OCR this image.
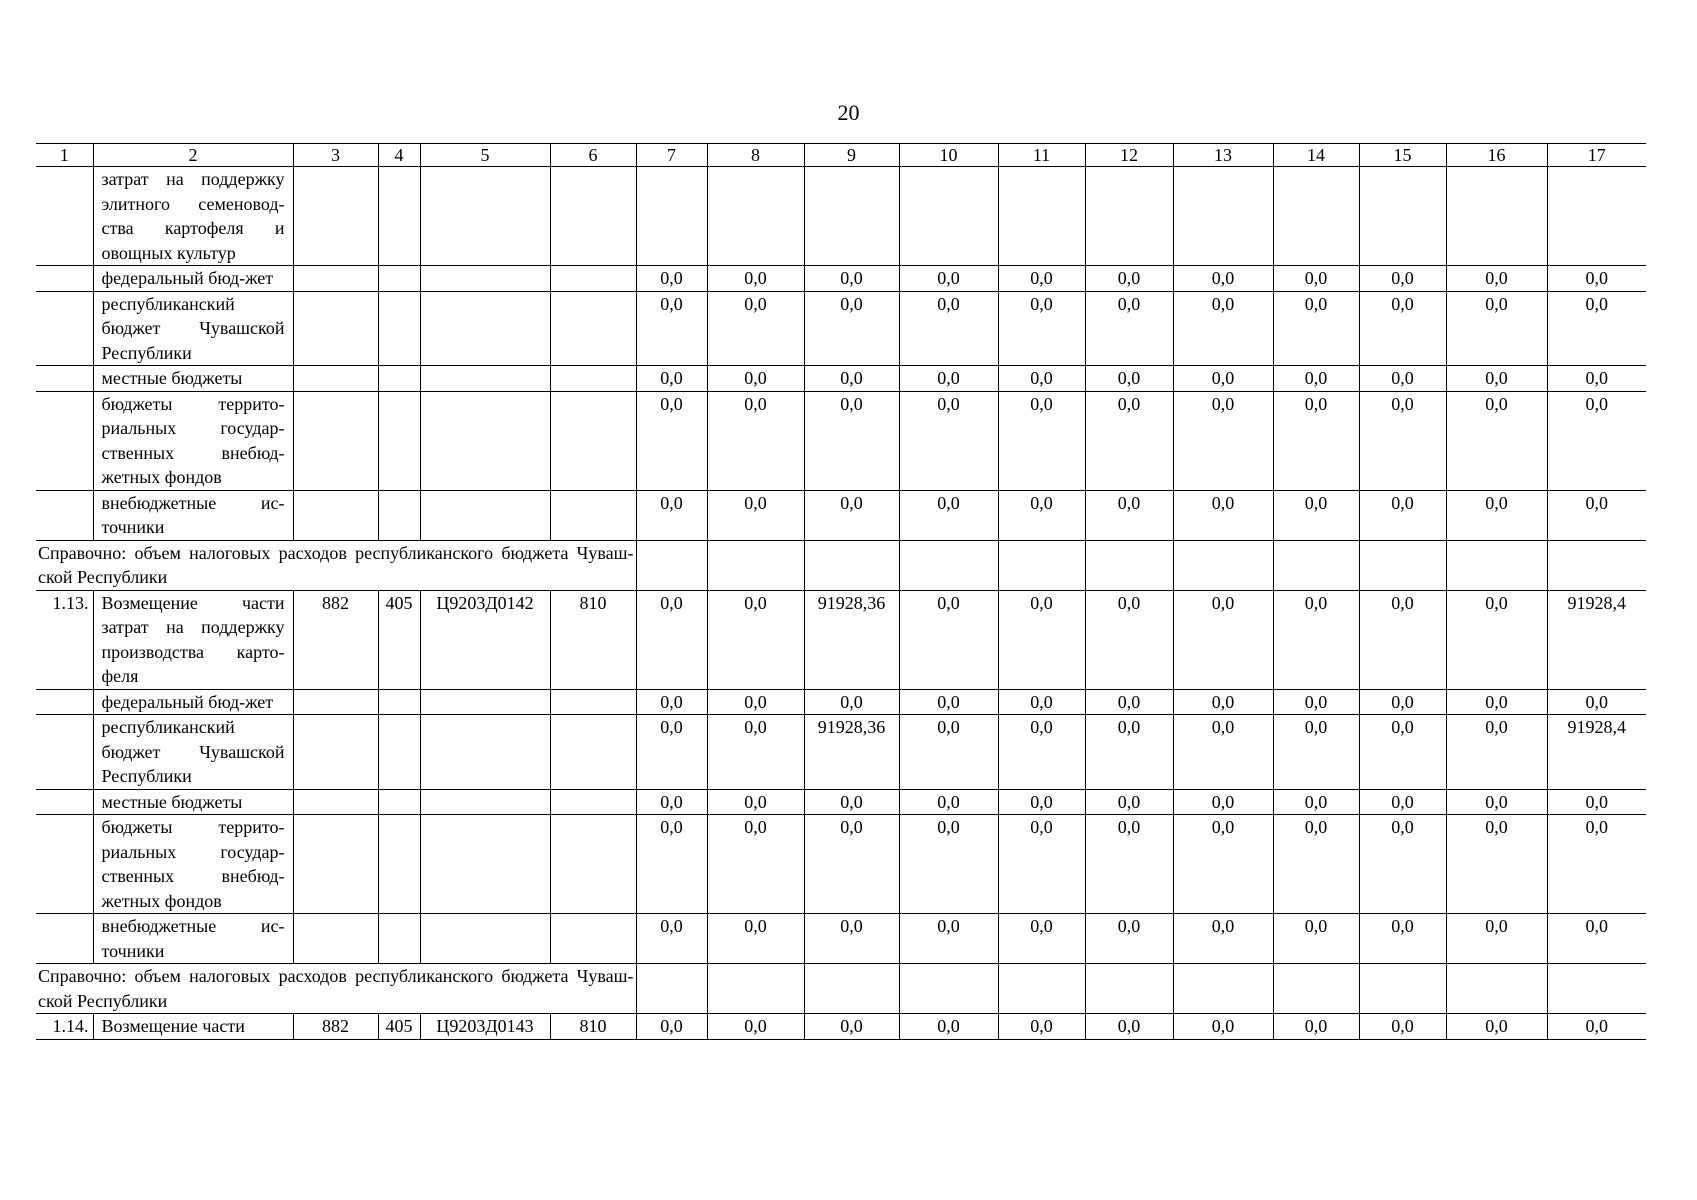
20
1	2	3	4	5	6	7	8	9	10	11	12	13	14	15	16	17
	затрат на поддержку элитного семеновод-ства картофеля и овощных культур															
	федеральный бюд-жет					0,0	0,0	0,0	0,0	0,0	0,0	0,0	0,0	0,0	0,0	0,0
	республиканский бюджет Чувашской Республики					0,0	0,0	0,0	0,0	0,0	0,0	0,0	0,0	0,0	0,0	0,0
	местные бюджеты					0,0	0,0	0,0	0,0	0,0	0,0	0,0	0,0	0,0	0,0	0,0
	бюджеты террито-риальных государ-ственных внебюд-жетных фондов					0,0	0,0	0,0	0,0	0,0	0,0	0,0	0,0	0,0	0,0	0,0
	внебюджетные ис-точники					0,0	0,0	0,0	0,0	0,0	0,0	0,0	0,0	0,0	0,0	0,0
Справочно: объем налоговых расходов республиканского бюджета Чуваш-ской Республики																
1.13.	Возмещение части затрат на поддержку производства карто-феля	882	405	Ц9203Д0142	810	0,0	0,0	91928,36	0,0	0,0	0,0	0,0	0,0	0,0	0,0	91928,4
	федеральный бюд-жет					0,0	0,0	0,0	0,0	0,0	0,0	0,0	0,0	0,0	0,0	0,0
	республиканский бюджет Чувашской Республики					0,0	0,0	91928,36	0,0	0,0	0,0	0,0	0,0	0,0	0,0	91928,4
	местные бюджеты					0,0	0,0	0,0	0,0	0,0	0,0	0,0	0,0	0,0	0,0	0,0
	бюджеты террито-риальных государ-ственных внебюд-жетных фондов					0,0	0,0	0,0	0,0	0,0	0,0	0,0	0,0	0,0	0,0	0,0
	внебюджетные ис-точники					0,0	0,0	0,0	0,0	0,0	0,0	0,0	0,0	0,0	0,0	0,0
Справочно: объем налоговых расходов республиканского бюджета Чуваш-ской Республики																
1.14.	Возмещение части	882	405	Ц9203Д0143	810	0,0	0,0	0,0	0,0	0,0	0,0	0,0	0,0	0,0	0,0	0,0
